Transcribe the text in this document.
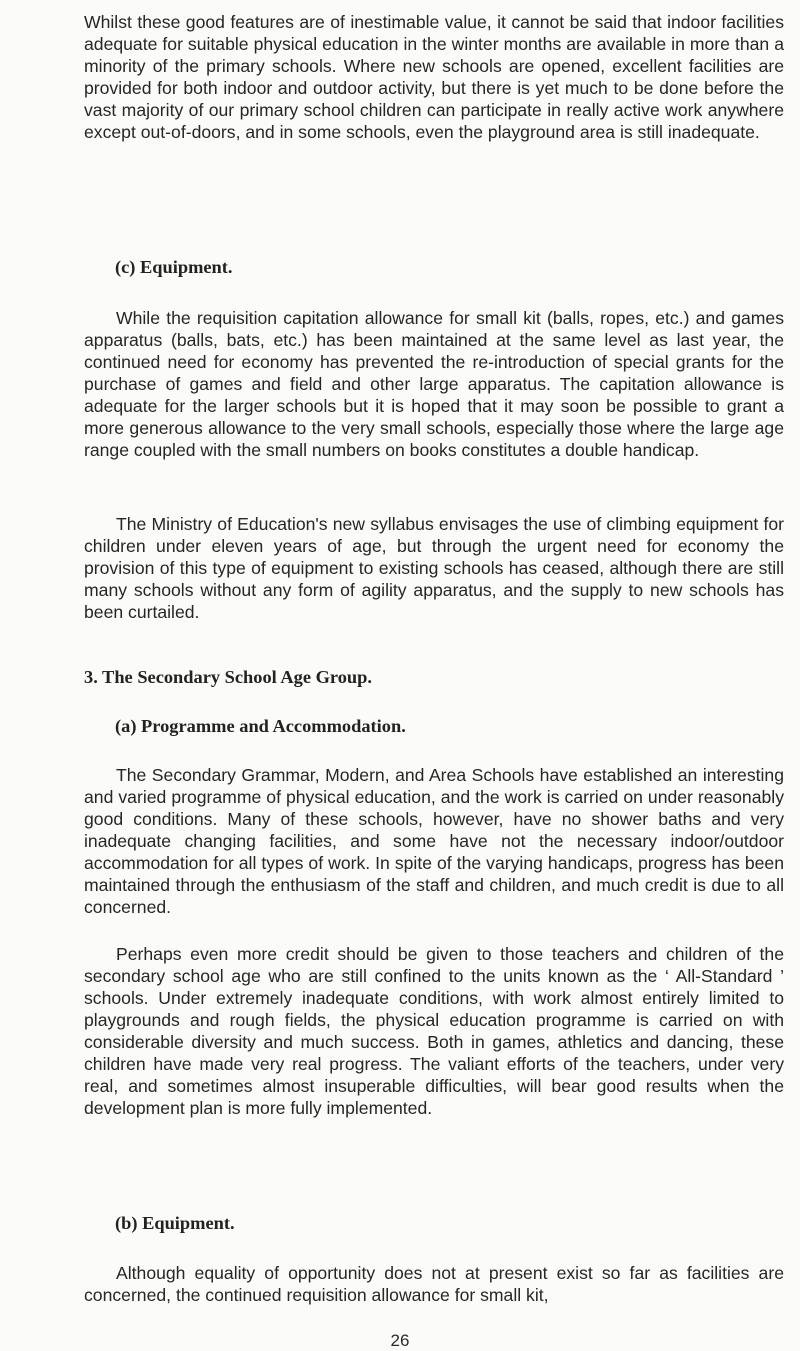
Whilst these good features are of inestimable value, it cannot be said that indoor facilities adequate for suitable physical education in the winter months are available in more than a minority of the primary schools. Where new schools are opened, excellent facilities are provided for both indoor and outdoor activity, but there is yet much to be done before the vast majority of our primary school children can participate in really active work anywhere except out-of-doors, and in some schools, even the playground area is still inadequate.

(c) Equipment.

While the requisition capitation allowance for small kit (balls, ropes, etc.) and games apparatus (balls, bats, etc.) has been maintained at the same level as last year, the continued need for economy has prevented the re-introduction of special grants for the purchase of games and field and other large apparatus. The capitation allowance is adequate for the larger schools but it is hoped that it may soon be possible to grant a more generous allowance to the very small schools, especially those where the large age range coupled with the small numbers on books constitutes a double handicap.

The Ministry of Education's new syllabus envisages the use of climbing equipment for children under eleven years of age, but through the urgent need for economy the provision of this type of equipment to existing schools has ceased, although there are still many schools without any form of agility apparatus, and the supply to new schools has been curtailed.

3. The Secondary School Age Group.
(a) Programme and Accommodation.

The Secondary Grammar, Modern, and Area Schools have established an interesting and varied programme of physical education, and the work is carried on under reasonably good conditions. Many of these schools, however, have no shower baths and very inadequate changing facilities, and some have not the necessary indoor/outdoor accommodation for all types of work. In spite of the varying handicaps, progress has been maintained through the enthusiasm of the staff and children, and much credit is due to all concerned.

Perhaps even more credit should be given to those teachers and children of the secondary school age who are still confined to the units known as the ‘ All-Standard ’ schools. Under extremely inadequate conditions, with work almost entirely limited to playgrounds and rough fields, the physical education programme is carried on with considerable diversity and much success. Both in games, athletics and dancing, these children have made very real progress. The valiant efforts of the teachers, under very real, and sometimes almost insuperable difficulties, will bear good results when the development plan is more fully implemented.

(b) Equipment.

Although equality of opportunity does not at present exist so far as facilities are concerned, the continued requisition allowance for small kit,

26
